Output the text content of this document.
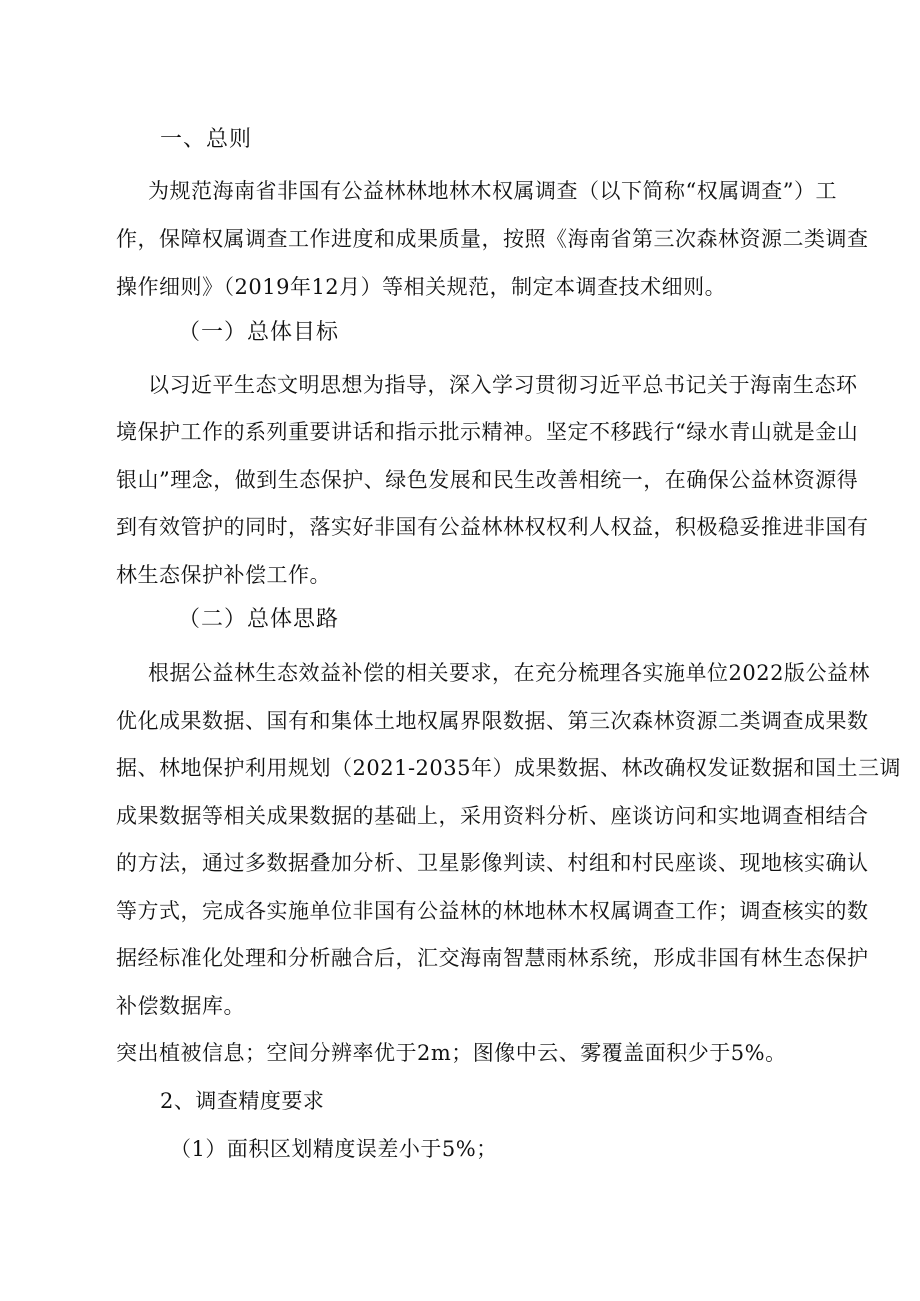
一、总则
为规范海南省非国有公益林林地林木权属调查（以下简称“权属调查”）工
作，保障权属调查工作进度和成果质量，按照《海南省第三次森林资源二类调查
操作细则》（2019年12月）等相关规范，制定本调查技术细则。
（一）总体目标
以习近平生态文明思想为指导，深入学习贯彻习近平总书记关于海南生态环
境保护工作的系列重要讲话和指示批示精神。坚定不移践行“绿水青山就是金山
银山”理念，做到生态保护、绿色发展和民生改善相统一，在确保公益林资源得
到有效管护的同时，落实好非国有公益林林权权利人权益，积极稳妥推进非国有
林生态保护补偿工作。
（二）总体思路
根据公益林生态效益补偿的相关要求，在充分梳理各实施单位2022版公益林
优化成果数据、国有和集体土地权属界限数据、第三次森林资源二类调查成果数
据、林地保护利用规划（2021-2035年）成果数据、林改确权发证数据和国土三调
成果数据等相关成果数据的基础上，采用资料分析、座谈访问和实地调查相结合
的方法，通过多数据叠加分析、卫星影像判读、村组和村民座谈、现地核实确认
等方式，完成各实施单位非国有公益林的林地林木权属调查工作；调查核实的数
据经标准化处理和分析融合后，汇交海南智慧雨林系统，形成非国有林生态保护
补偿数据库。
突出植被信息；空间分辨率优于2m；图像中云、雾覆盖面积少于5%。
2、调查精度要求
（1）面积区划精度误差小于5%；
